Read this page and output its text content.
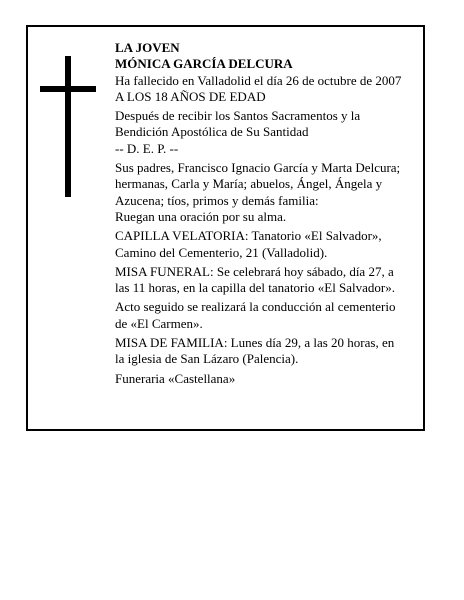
LA JOVEN
MÓNICA GARCÍA DELCURA
Ha fallecido en Valladolid el día 26 de octubre de 2007
A LOS 18 AÑOS DE EDAD
Después de recibir los Santos Sacramentos y la
Bendición Apostólica de Su Santidad
-- D. E. P. --
Sus padres, Francisco Ignacio García y Marta Delcura;
hermanas, Carla y María; abuelos, Ángel, Ángela y
Azucena; tíos, primos y demás familia:
Ruegan una oración por su alma.
CAPILLA VELATORIA: Tanatorio «El Salvador»,
Camino del Cementerio, 21 (Valladolid).
MISA FUNERAL: Se celebrará hoy sábado, día 27, a
las 11 horas, en la capilla del tanatorio «El Salvador».
Acto seguido se realizará la conducción al cementerio
de «El Carmen».
MISA DE FAMILIA: Lunes día 29, a las 20 horas, en
la iglesia de San Lázaro (Palencia).
Funeraria «Castellana»
